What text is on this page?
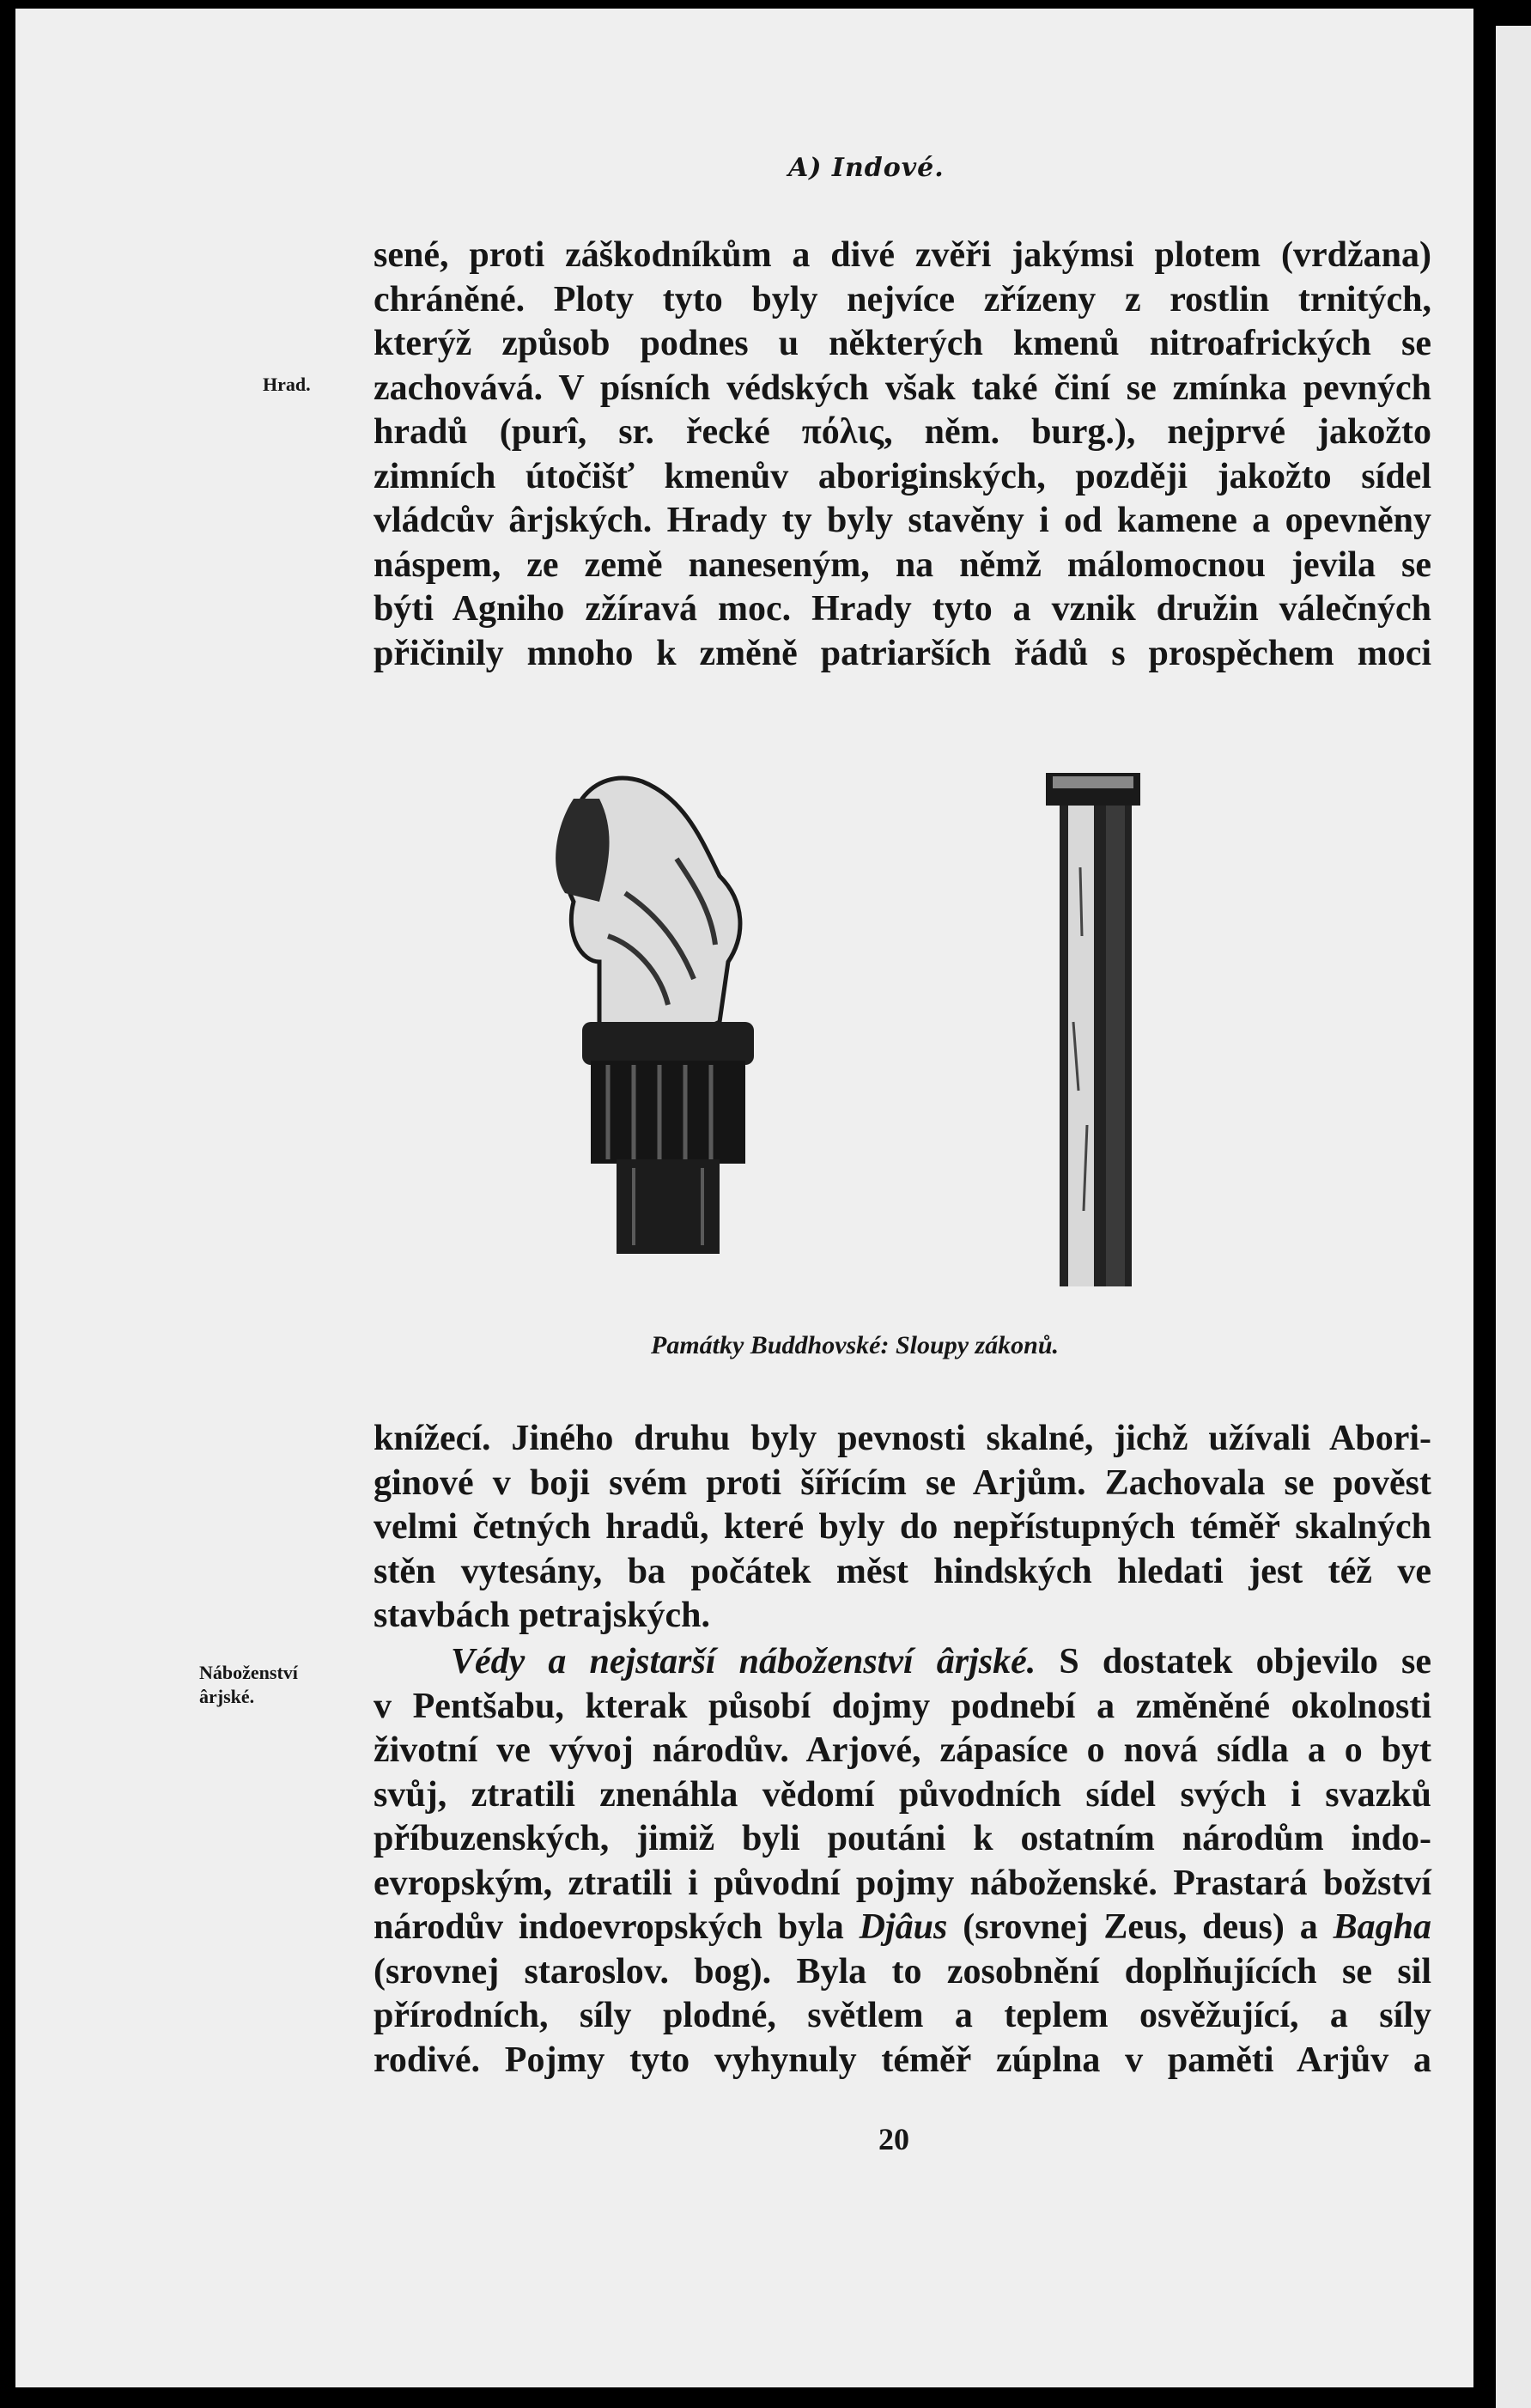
A) Indové.
Hrad.
sené, proti záškodníkům a divé zvěři jakýmsi plotem (vrdžana)
chráněné. Ploty tyto byly nejvíce zřízeny z rostlin trnitých,
kterýž způsob podnes u některých kmenů nitroafrických se
zachovává. V písních védských však také činí se zmínka pevných
hradů (purî, sr. řecké πόλις, něm. burg.), nejprvé jakožto
zimních útočišť kmenův aboriginských, později jakožto sídel
vládcův ârjských. Hrady ty byly stavěny i od kamene a opevněny
náspem, ze země naneseným, na němž málomocnou jevila se
býti Agniho zžíravá moc. Hrady tyto a vznik družin válečných
přičinily mnoho k změně patriarších řádů s prospěchem moci
Památky Buddhovské: Sloupy zákonů.
knížecí. Jiného druhu byly pevnosti skalné, jichž užívali Abori-
ginové v boji svém proti šířícím se Arjům. Zachovala se pověst
velmi četných hradů, které byly do nepřístupných téměř skalných
stěn vytesány, ba počátek měst hindských hledati jest též ve
stavbách petrajských.
Náboženství
ârjské.
Védy a nejstarší náboženství ârjské. S dostatek objevilo se
v Pentšabu, kterak působí dojmy podnebí a změněné okolnosti
životní ve vývoj národův. Arjové, zápasíce o nová sídla a o byt
svůj, ztratili znenáhla vědomí původních sídel svých i svazků
příbuzenských, jimiž byli poutáni k ostatním národům indo-
evropským, ztratili i původní pojmy náboženské. Prastará božství
národův indoevropských byla Djâus (srovnej Zeus, deus) a Bagha
(srovnej staroslov. bog). Byla to zosobnění doplňujících se sil
přírodních, síly plodné, světlem a teplem osvěžující, a síly
rodivé. Pojmy tyto vyhynuly téměř zúplna v paměti Arjův a
20
